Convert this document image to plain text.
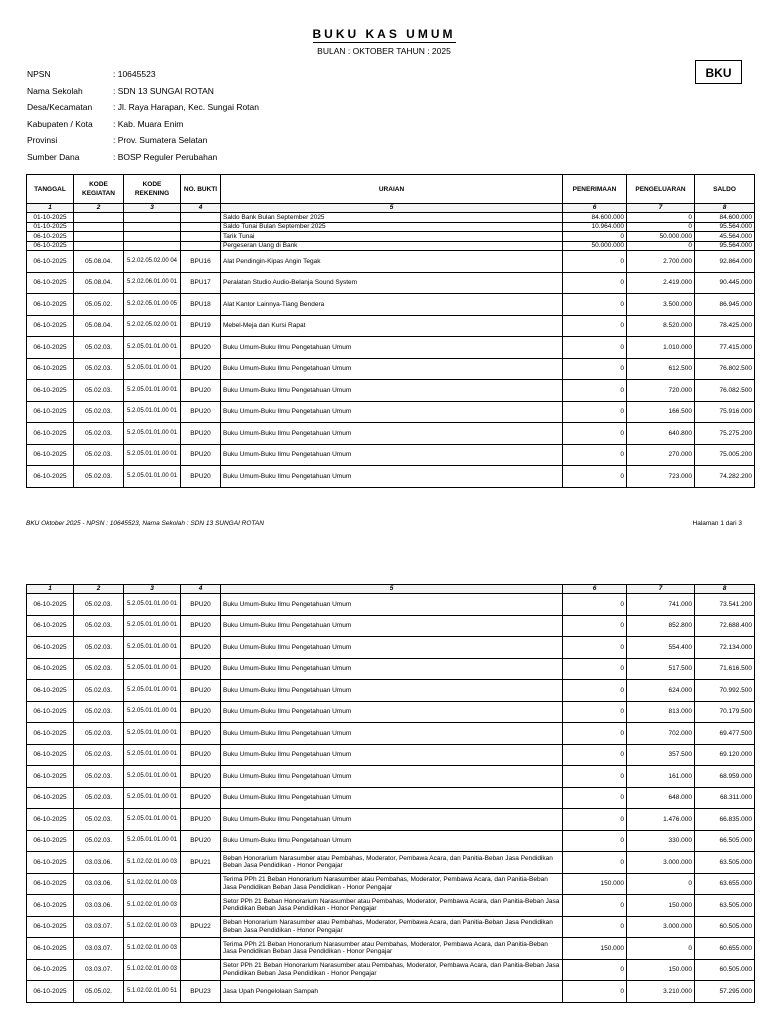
BUKU KAS UMUM
BULAN : OKTOBER TAHUN : 2025
BKU
NPSN	: 10645523
Nama Sekolah	: SDN 13 SUNGAI ROTAN
Desa/Kecamatan	: Jl. Raya Harapan, Kec. Sungai Rotan
Kabupaten / Kota	: Kab. Muara Enim
Provinsi	: Prov. Sumatera Selatan
Sumber Dana	: BOSP Reguler Perubahan
TANGGAL	KODE KEGIATAN	KODE REKENING	NO. BUKTI	URAIAN	PENERIMAAN	PENGELUARAN	SALDO
1	2	3	4	5	6	7	8
01-10-2025				Saldo Bank Bulan September 2025	84.600.000	0	84.600.000
01-10-2025				Saldo Tunai Bulan September 2025	10.964.000	0	95.564.000
06-10-2025				Tarik Tunai	0	50.000.000	45.564.000
06-10-2025				Pergeseran Uang di Bank	50.000.000	0	95.564.000
06-10-2025	05.08.04.	5.2.02.05.02.00 04	BPU16	Alat Pendingin-Kipas Angin Tegak	0	2.700.000	92.864.000
06-10-2025	05.08.04.	5.2.02.06.01.00 01	BPU17	Peralatan Studio Audio-Belanja Sound System	0	2.419.000	90.445.000
06-10-2025	05.05.02.	5.2.02.05.01.00 05	BPU18	Alat Kantor Lainnya-Tiang Bendera	0	3.500.000	86.945.000
06-10-2025	05.08.04.	5.2.02.05.02.00 01	BPU19	Mebel-Meja dan Kursi Rapat	0	8.520.000	78.425.000
06-10-2025	05.02.03.	5.2.05.01.01.00 01	BPU20	Buku Umum-Buku Ilmu Pengetahuan Umum	0	1.010.000	77.415.000
06-10-2025	05.02.03.	5.2.05.01.01.00 01	BPU20	Buku Umum-Buku Ilmu Pengetahuan Umum	0	612.500	76.802.500
06-10-2025	05.02.03.	5.2.05.01.01.00 01	BPU20	Buku Umum-Buku Ilmu Pengetahuan Umum	0	720.000	76.082.500
06-10-2025	05.02.03.	5.2.05.01.01.00 01	BPU20	Buku Umum-Buku Ilmu Pengetahuan Umum	0	166.500	75.916.000
06-10-2025	05.02.03.	5.2.05.01.01.00 01	BPU20	Buku Umum-Buku Ilmu Pengetahuan Umum	0	640.800	75.275.200
06-10-2025	05.02.03.	5.2.05.01.01.00 01	BPU20	Buku Umum-Buku Ilmu Pengetahuan Umum	0	270.000	75.005.200
06-10-2025	05.02.03.	5.2.05.01.01.00 01	BPU20	Buku Umum-Buku Ilmu Pengetahuan Umum	0	723.000	74.282.200
BKU Oktober 2025 - NPSN : 10645523, Nama Sekolah : SDN 13 SUNGAI ROTAN	Halaman 1 dari 3
1	2	3	4	5	6	7	8
06-10-2025	05.02.03.	5.2.05.01.01.00 01	BPU20	Buku Umum-Buku Ilmu Pengetahuan Umum	0	741.000	73.541.200
06-10-2025	05.02.03.	5.2.05.01.01.00 01	BPU20	Buku Umum-Buku Ilmu Pengetahuan Umum	0	852.800	72.688.400
06-10-2025	05.02.03.	5.2.05.01.01.00 01	BPU20	Buku Umum-Buku Ilmu Pengetahuan Umum	0	554.400	72.134.000
06-10-2025	05.02.03.	5.2.05.01.01.00 01	BPU20	Buku Umum-Buku Ilmu Pengetahuan Umum	0	517.500	71.616.500
06-10-2025	05.02.03.	5.2.05.01.01.00 01	BPU20	Buku Umum-Buku Ilmu Pengetahuan Umum	0	624.000	70.992.500
06-10-2025	05.02.03.	5.2.05.01.01.00 01	BPU20	Buku Umum-Buku Ilmu Pengetahuan Umum	0	813.000	70.179.500
06-10-2025	05.02.03.	5.2.05.01.01.00 01	BPU20	Buku Umum-Buku Ilmu Pengetahuan Umum	0	702.000	69.477.500
06-10-2025	05.02.03.	5.2.05.01.01.00 01	BPU20	Buku Umum-Buku Ilmu Pengetahuan Umum	0	357.500	69.120.000
06-10-2025	05.02.03.	5.2.05.01.01.00 01	BPU20	Buku Umum-Buku Ilmu Pengetahuan Umum	0	161.000	68.959.000
06-10-2025	05.02.03.	5.2.05.01.01.00 01	BPU20	Buku Umum-Buku Ilmu Pengetahuan Umum	0	648.000	68.311.000
06-10-2025	05.02.03.	5.2.05.01.01.00 01	BPU20	Buku Umum-Buku Ilmu Pengetahuan Umum	0	1.476.000	66.835.000
06-10-2025	05.02.03.	5.2.05.01.01.00 01	BPU20	Buku Umum-Buku Ilmu Pengetahuan Umum	0	330.000	66.505.000
06-10-2025	03.03.06.	5.1.02.02.01.00 03	BPU21	Beban Honorarium Narasumber atau Pembahas, Moderator, Pembawa Acara, dan Panitia-Beban Jasa Pendidikan Beban Jasa Pendidikan - Honor Pengajar	0	3.000.000	63.505.000
06-10-2025	03.03.06.	5.1.02.02.01.00 03		Terima PPh 21 Beban Honorarium Narasumber atau Pembahas, Moderator, Pembawa Acara, dan Panitia-Beban Jasa Pendidikan Beban Jasa Pendidikan - Honor Pengajar	150.000	0	63.655.000
06-10-2025	03.03.06.	5.1.02.02.01.00 03		Setor PPh 21 Beban Honorarium Narasumber atau Pembahas, Moderator, Pembawa Acara, dan Panitia-Beban Jasa Pendidikan Beban Jasa Pendidikan - Honor Pengajar	0	150.000	63.505.000
06-10-2025	03.03.07.	5.1.02.02.01.00 03	BPU22	Beban Honorarium Narasumber atau Pembahas, Moderator, Pembawa Acara, dan Panitia-Beban Jasa Pendidikan Beban Jasa Pendidikan - Honor Pengajar	0	3.000.000	60.505.000
06-10-2025	03.03.07.	5.1.02.02.01.00 03		Terima PPh 21 Beban Honorarium Narasumber atau Pembahas, Moderator, Pembawa Acara, dan Panitia-Beban Jasa Pendidikan Beban Jasa Pendidikan - Honor Pengajar	150.000	0	60.655.000
06-10-2025	03.03.07.	5.1.02.02.01.00 03		Setor PPh 21 Beban Honorarium Narasumber atau Pembahas, Moderator, Pembawa Acara, dan Panitia-Beban Jasa Pendidikan Beban Jasa Pendidikan - Honor Pengajar	0	150.000	60.505.000
06-10-2025	05.05.02.	5.1.02.02.01.00 51	BPU23	Jasa Upah Pengelolaan Sampah	0	3.210.000	57.295.000
